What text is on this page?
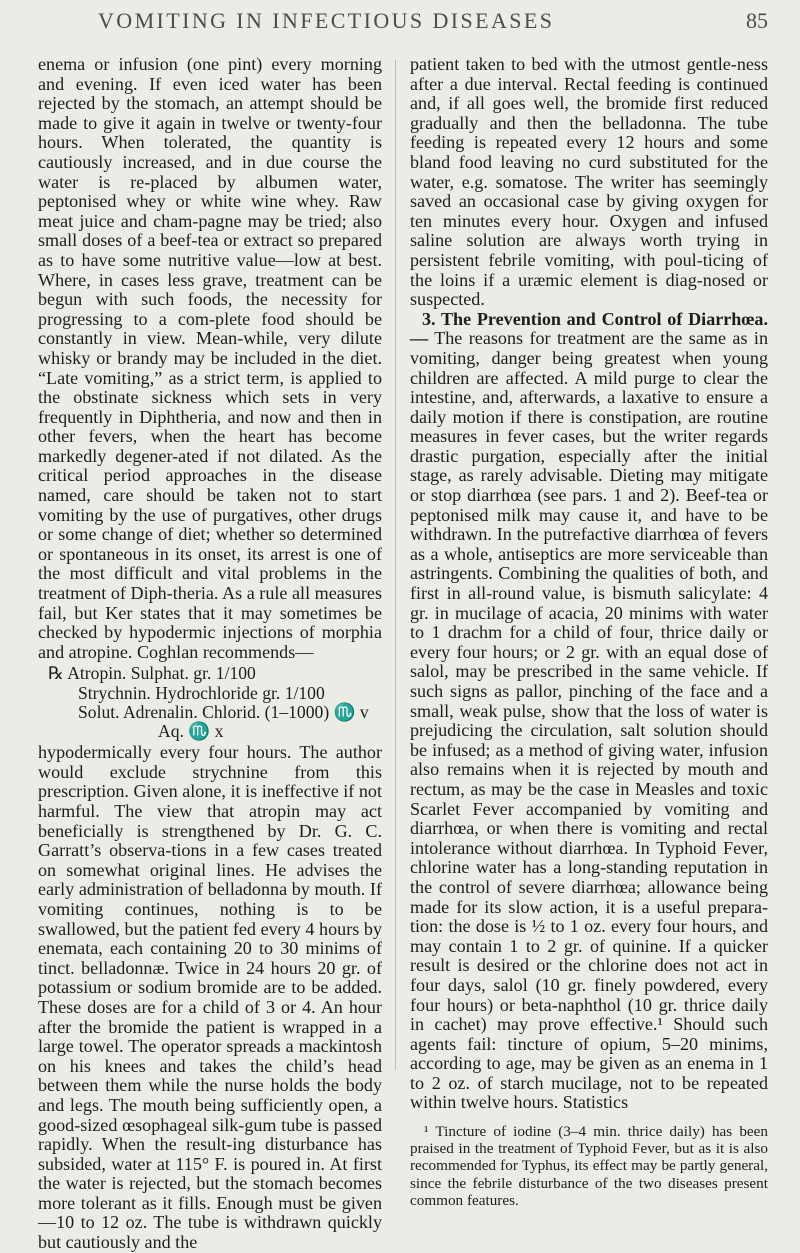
VOMITING IN INFECTIOUS DISEASES	85

enema or infusion (one pint) every morning and evening. If even iced water has been rejected by the stomach, an attempt should be made to give it again in twelve or twenty-four hours. When tolerated, the quantity is cautiously increased, and in due course the water is re-placed by albumen water, peptonised whey or white wine whey. Raw meat juice and cham-pagne may be tried; also small doses of a beef-tea or extract so prepared as to have some nutritive value—low at best. Where, in cases less grave, treatment can be begun with such foods, the necessity for progressing to a com-plete food should be constantly in view. Mean-while, very dilute whisky or brandy may be included in the diet. “Late vomiting,” as a strict term, is applied to the obstinate sickness which sets in very frequently in Diphtheria, and now and then in other fevers, when the heart has become markedly degener-ated if not dilated. As the critical period approaches in the disease named, care should be taken not to start vomiting by the use of purgatives, other drugs or some change of diet; whether so determined or spontaneous in its onset, its arrest is one of the most difficult and vital problems in the treatment of Diph-theria. As a rule all measures fail, but Ker states that it may sometimes be checked by hypodermic injections of morphia and atropine. Coghlan recommends—

℞ Atropin. Sulphat. gr. 1/100
Strychnin. Hydrochloride gr. 1/100
Solut. Adrenalin. Chlorid. (1–1000) ♏ v
Aq. ♏ x

hypodermically every four hours. The author would exclude strychnine from this prescription. Given alone, it is ineffective if not harmful. The view that atropin may act beneficially is strengthened by Dr. G. C. Garratt’s observa-tions in a few cases treated on somewhat original lines. He advises the early administration of belladonna by mouth. If vomiting continues, nothing is to be swallowed, but the patient fed every 4 hours by enemata, each containing 20 to 30 minims of tinct. belladonnæ. Twice in 24 hours 20 gr. of potassium or sodium bromide are to be added. These doses are for a child of 3 or 4. An hour after the bromide the patient is wrapped in a large towel. The operator spreads a mackintosh on his knees and takes the child’s head between them while the nurse holds the body and legs. The mouth being sufficiently open, a good-sized œsophageal silk-gum tube is passed rapidly. When the result-ing disturbance has subsided, water at 115° F. is poured in. At first the water is rejected, but the stomach becomes more tolerant as it fills. Enough must be given—10 to 12 oz. The tube is withdrawn quickly but cautiously and the

patient taken to bed with the utmost gentle-ness after a due interval. Rectal feeding is continued and, if all goes well, the bromide first reduced gradually and then the belladonna. The tube feeding is repeated every 12 hours and some bland food leaving no curd substituted for the water, e.g. somatose. The writer has seemingly saved an occasional case by giving oxygen for ten minutes every hour. Oxygen and infused saline solution are always worth trying in persistent febrile vomiting, with poul-ticing of the loins if a uræmic element is diag-nosed or suspected.

3. The Prevention and Control of Diarrhœa.— The reasons for treatment are the same as in vomiting, danger being greatest when young children are affected. A mild purge to clear the intestine, and, afterwards, a laxative to ensure a daily motion if there is constipation, are routine measures in fever cases, but the writer regards drastic purgation, especially after the initial stage, as rarely advisable. Dieting may mitigate or stop diarrhœa (see pars. 1 and 2). Beef-tea or peptonised milk may cause it, and have to be withdrawn. In the putrefactive diarrhœa of fevers as a whole, antiseptics are more serviceable than astringents. Combining the qualities of both, and first in all-round value, is bismuth salicylate: 4 gr. in mucilage of acacia, 20 minims with water to 1 drachm for a child of four, thrice daily or every four hours; or 2 gr. with an equal dose of salol, may be prescribed in the same vehicle. If such signs as pallor, pinching of the face and a small, weak pulse, show that the loss of water is prejudicing the circulation, salt solution should be infused; as a method of giving water, infusion also remains when it is rejected by mouth and rectum, as may be the case in Measles and toxic Scarlet Fever accompanied by vomiting and diarrhœa, or when there is vomiting and rectal intolerance without diarrhœa. In Typhoid Fever, chlorine water has a long-standing reputation in the control of severe diarrhœa; allowance being made for its slow action, it is a useful prepara-tion: the dose is ½ to 1 oz. every four hours, and may contain 1 to 2 gr. of quinine. If a quicker result is desired or the chlorine does not act in four days, salol (10 gr. finely powdered, every four hours) or beta-naphthol (10 gr. thrice daily in cachet) may prove effective.¹ Should such agents fail: tincture of opium, 5–20 minims, according to age, may be given as an enema in 1 to 2 oz. of starch mucilage, not to be repeated within twelve hours. Statistics

¹ Tincture of iodine (3–4 min. thrice daily) has been praised in the treatment of Typhoid Fever, but as it is also recommended for Typhus, its effect may be partly general, since the febrile disturbance of the two diseases present common features.
